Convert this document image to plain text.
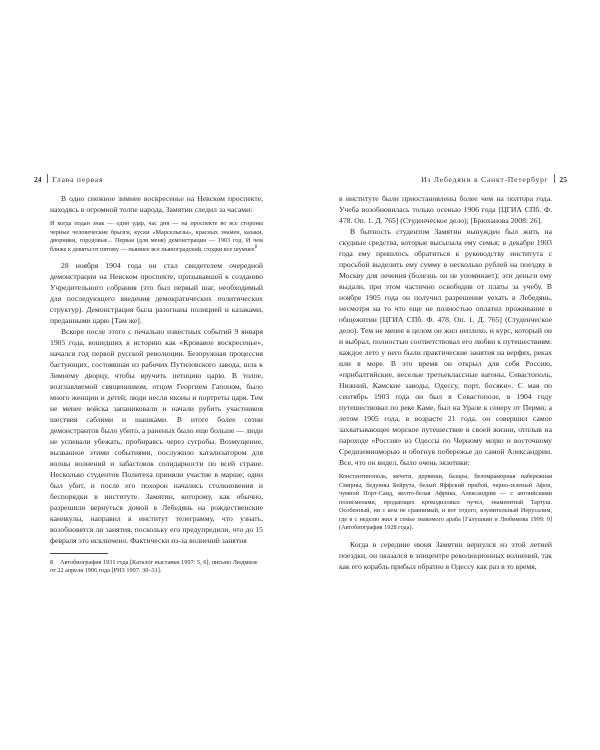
24 Глава первая	Из Лебедяни в Санкт-Петербург 25

В одно снежное зимнее воскресенье на Невском проспекте, находясь в огромной толпе народа, Замятин следил за часами:

И когда подан знак — один удар, час дня — на проспекте во все стороны черные человеческие брызги, куски «Марсельезы», красных знамен, казаки, дворники, городовые... Первая (для меня) демонстрация — 1903 год. И чем ближе к девятьсот пятому — пьяннее все пьяноградский, сходки все шумнее$^8$

28 ноября 1904 года он стал свидетелем очередной демонстрации на Невском проспекте, призывавшей к созданию Учредительного собрания (это был первый шаг, необходимый для последующего введения демократических политических структур). Демонстрация была разогнана полицией и казаками, преданными царю [Там же].

Вскоре после этого с печально известных событий 9 января 1905 года, вошедших в историю как «Кровавое воскресенье», начался год первой русской революции. Безоружная процессия бастующих, состоявшая из рабочих Путиловского завода, шла к Зимнему дворцу, чтобы вручить петицию царю. В толпе, возглавляемой священником, отцом Георгием Гапоном, было много женщин и детей; люди несли иконы и портреты царя. Тем не менее войска запаниковали и начали рубить участников шествия саблями и шашками. В итоге более сотни демонстрантов было убито, а раненых было еще больше — люди не успевали убежать, пробираясь через сугробы. Возмущение, вызванное этими событиями, послужило катализатором для волны волнений и забастовок солидарности по всей стране. Несколько студентов Политеха приняли участие в марше; один был убит, и после его похорон начались столкновения и беспорядки в институте. Замятин, которому, как обычно, разрешили вернуться домой в Лебедянь на рождественские каникулы, направил в институт телеграмму, что узнать, возобновятся ли занятия, поскольку его предупредили, что до 15 февраля это исключено. Фактически из-за волнений занятия

8 Автобиография 1931 года [Каталог выставки 1997: 5, 6]; письмо Людмиле от 22 апреля 1906 года [РНЗ 1997: 30–31].

в институте были приостановлены более чем на полтора года. Учеба возобновилась только осенью 1906 года [ЦГИА СПб. Ф. 478. Оп. 1. Д. 765] (Студенческое дело); [Брюханова 2008: 26].

В бытность студентом Замятин вынужден был жить на скудные средства, которые высылала ему семья; в декабре 1903 года ему пришлось обратиться к руководству института с просьбой выделить ему сумму в несколько рублей на поездку в Москву для лечения (болезнь он не упоминает); эти деньги ему выдали, при этом частично освободив от платы за учебу. В ноябре 1905 года он получил разрешение уехать в Лебедянь, несмотря на то что еще не полностью оплатил проживание в общежитии [ЦГИА СПб. Ф. 478. Оп. 1. Д. 765] (Студенческое дело). Тем не менее в целом он жил неплохо, и курс, который он и выбрал, полностью соответствовал его любви к путешествиям: каждое лето у него были практические занятия на верфях, рекax или в море. В это время он открыл для себя Россию, «прибалтийские, веселые третьеклассные вагоны, Севастополь, Нижний, Камские заводы, Одессу, порт, босяки». С мая по сентябрь 1903 года он был в Севастополе, в 1904 году путешествовал по реке Каме, был на Урале к северу от Перми; а летом 1905 года, в возрасте 21 года, он совершил самое захватывающее морское путешествие в своей жизни, отплыв на пароходе «Россия» из Одессы по Черному морю и восточному Средиземноморью и обогнув побережье до самой Александрии. Все, что он видел, было очень экзотики:

Константинополь, мечети, дервиши, базары, беломраморная набережная Смирны, бедуины Бейрута, белый Яффский прибой, черно-зеленый Афон, чумной Порт-Саид, желто-белая Африка, Александрия — с английскими полисменами, продающих крокодиловых чучел, знаменитый Тартуш. Особенный, ни с кем не сравнимый, и вот отдого, изумительный Иерусалим, где я с неделю жил в семье знакомого араба [Галушкин и Любимова 1999: 9] (Автобиография 1928 года).

Когда в середине июня Замятин вернулся из этой летней поездки, он оказался в эпицентре революционных волнений, так как его корабль прибыл обратно в Одессу как раз в то время,
